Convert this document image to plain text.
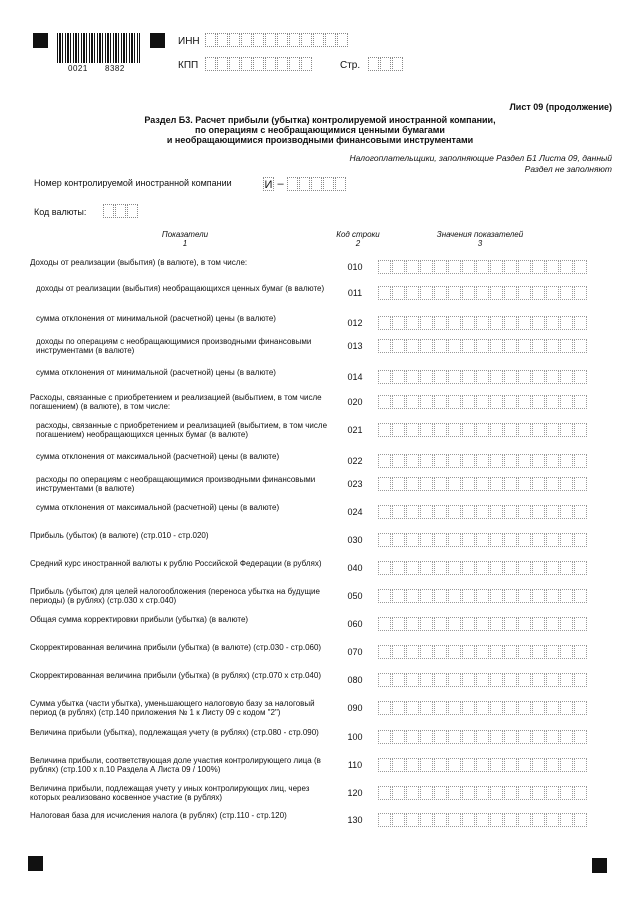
0021 8382
ИНН
КПП	Стр.
Лист 09 (продолжение)
Раздел Б3. Расчет прибыли (убытка) контролируемой иностранной компании,
по операциям с необращающимися ценными бумагами
и необращающимися производными финансовыми инструментами
Налогоплательщики, заполняющие Раздел Б1 Листа 09, данный
Раздел не заполняют
Номер контролируемой иностранной компании	И –
Код валюты:
Показатели
1
Код строки
2
Значения показателей
3
Доходы от реализации (выбытия) (в валюте), в том числе:	010
доходы от реализации (выбытия) необращающихся ценных бумаг (в валюте)	011
сумма отклонения от минимальной (расчетной) цены (в валюте)	012
доходы по операциям с необращающимися производными финансовыми инструментами (в валюте)	013
сумма отклонения от минимальной (расчетной) цены (в валюте)	014
Расходы, связанные с приобретением и реализацией (выбытием, в том числе погашением) (в валюте), в том числе:	020
расходы, связанные с приобретением и реализацией (выбытием, в том числе погашением) необращающихся ценных бумаг (в валюте)	021
сумма отклонения от максимальной (расчетной) цены (в валюте)	022
расходы по операциям с необращающимися производными финансовыми инструментами (в валюте)	023
сумма отклонения от максимальной (расчетной) цены (в валюте)	024
Прибыль (убыток) (в валюте) (стр.010 - стр.020)	030
Средний курс иностранной валюты к рублю Российской Федерации (в рублях)	040
Прибыль (убыток) для целей налогообложения (переноса убытка на будущие периоды) (в рублях) (стр.030 х стр.040)	050
Общая сумма корректировки прибыли (убытка) (в валюте)	060
Скорректированная величина прибыли (убытка) (в валюте) (стр.030 - стр.060)	070
Скорректированная величина прибыли (убытка) (в рублях) (стр.070 х стр.040)	080
Сумма убытка (части убытка), уменьшающего налоговую базу за налоговый период (в рублях) (стр.140 приложения № 1 к Листу 09 с кодом "2")	090
Величина прибыли (убытка), подлежащая учету (в рублях) (стр.080 - стр.090)	100
Величина прибыли, соответствующая доле участия контролирующего лица (в рублях) (стр.100 х п.10 Раздела А Листа 09 / 100%)	110
Величина прибыли, подлежащая учету у иных контролирующих лиц, через которых реализовано косвенное участие (в рублях)	120
Налоговая база для исчисления налога (в рублях) (стр.110 - стр.120)	130
